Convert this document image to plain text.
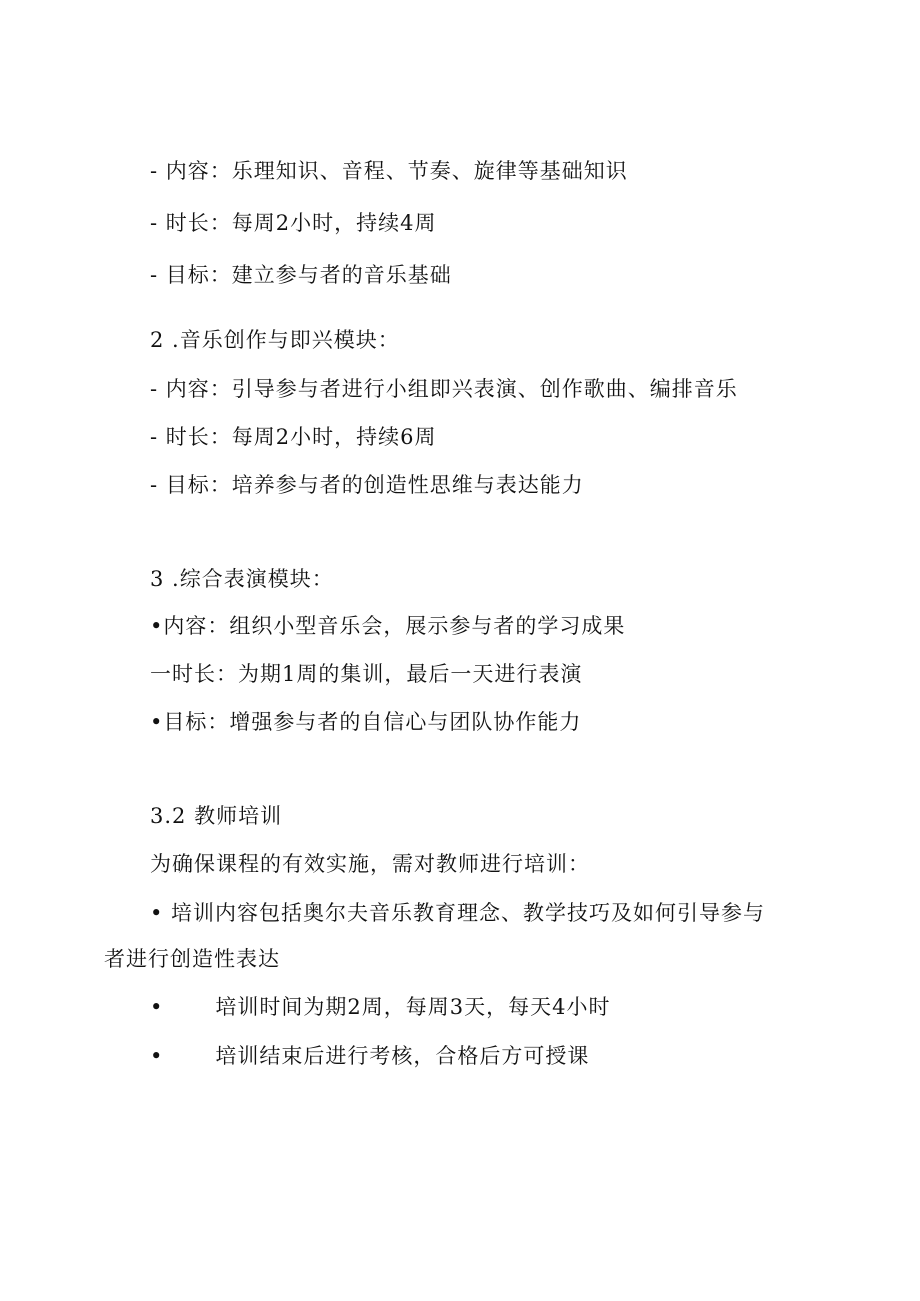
- 内容：乐理知识、音程、节奏、旋律等基础知识
- 时长：每周2小时，持续4周
- 目标：建立参与者的音乐基础
2 .音乐创作与即兴模块：
- 内容：引导参与者进行小组即兴表演、创作歌曲、编排音乐
- 时长：每周2小时，持续6周
- 目标：培养参与者的创造性思维与表达能力
3 .综合表演模块：
•内容：组织小型音乐会，展示参与者的学习成果
一时长：为期1周的集训，最后一天进行表演
•目标：增强参与者的自信心与团队协作能力
3.2 教师培训
为确保课程的有效实施，需对教师进行培训：
• 培训内容包括奥尔夫音乐教育理念、教学技巧及如何引导参与
者进行创造性表达
• 培训时间为期2周，每周3天，每天4小时
• 培训结束后进行考核，合格后方可授课
